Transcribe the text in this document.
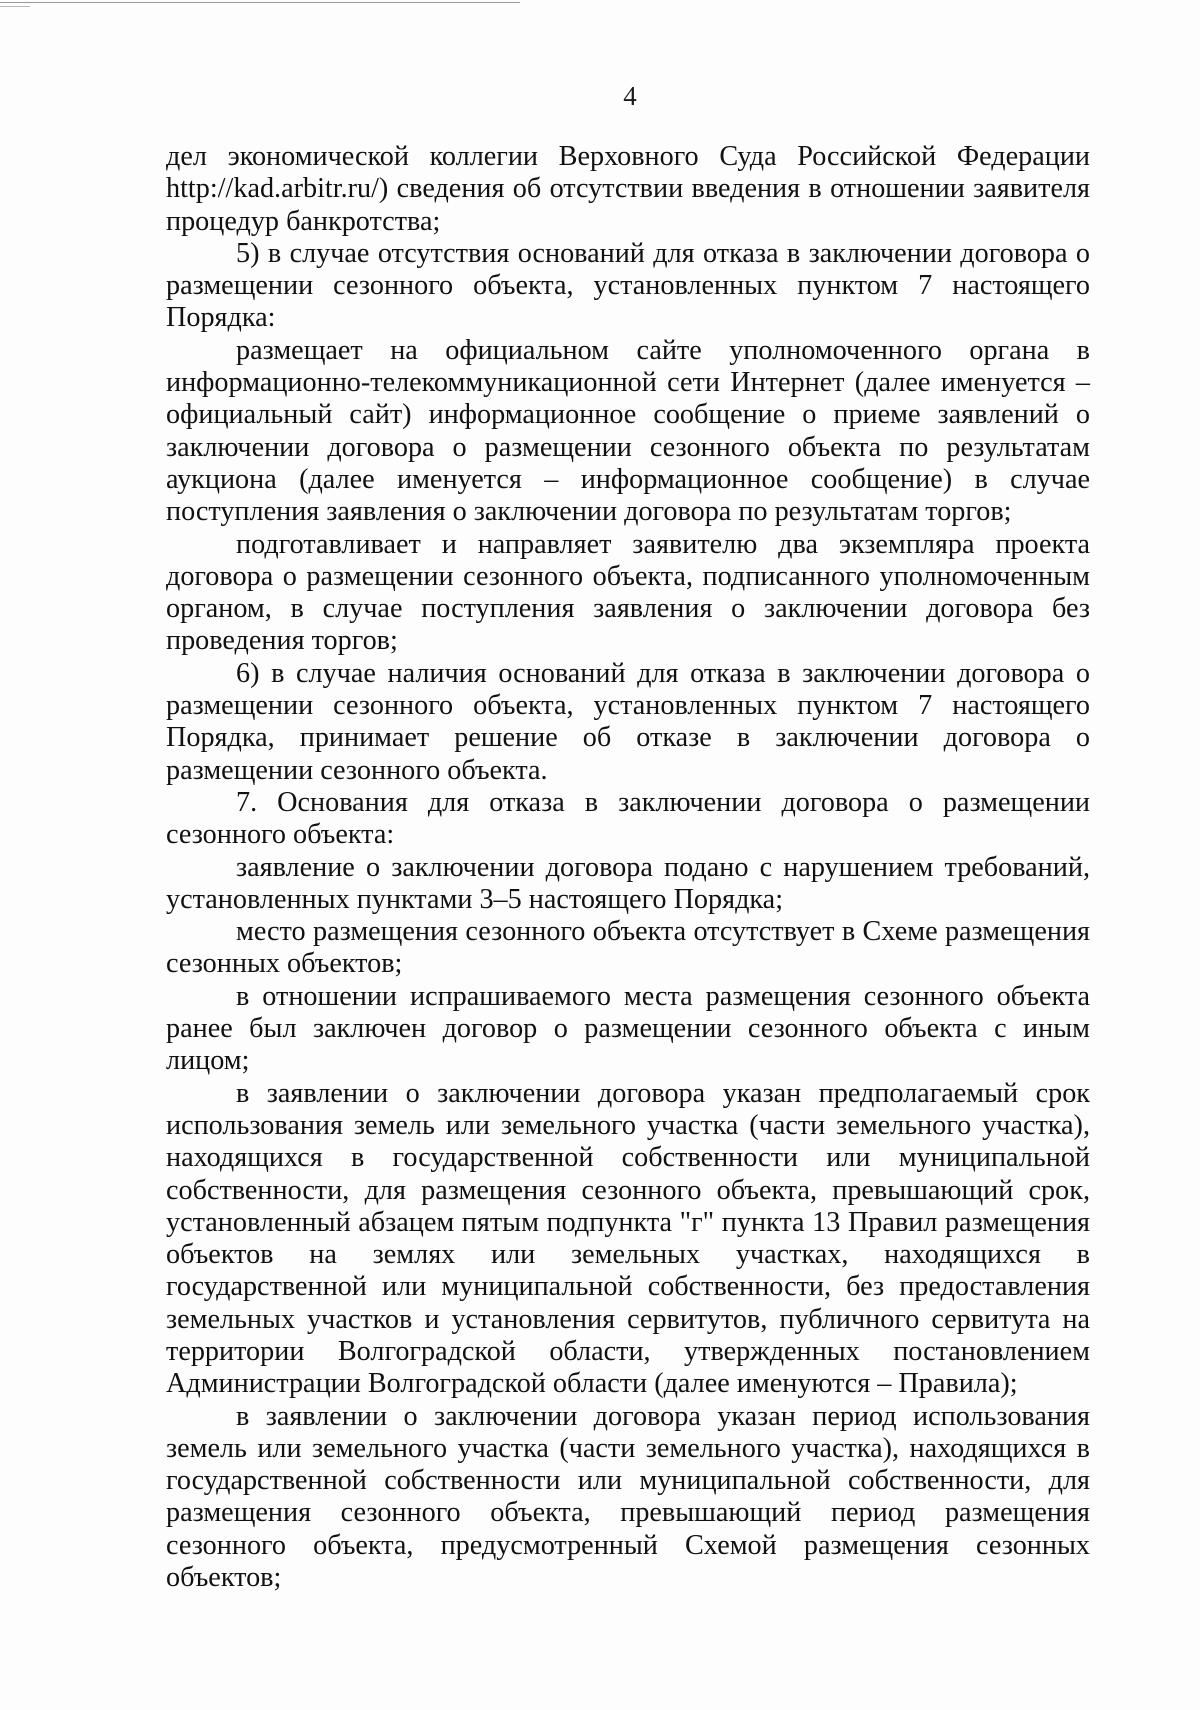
4

дел экономической коллегии Верховного Суда Российской Федерации http://kad.arbitr.ru/) сведения об отсутствии введения в отношении заявителя процедур банкротства;

5) в случае отсутствия оснований для отказа в заключении договора о размещении сезонного объекта, установленных пунктом 7 настоящего Порядка:

размещает на официальном сайте уполномоченного органа в информационно-телекоммуникационной сети Интернет (далее именуется – официальный сайт) информационное сообщение о приеме заявлений о заключении договора о размещении сезонного объекта по результатам аукциона (далее именуется – информационное сообщение) в случае поступления заявления о заключении договора по результатам торгов;

подготавливает и направляет заявителю два экземпляра проекта договора о размещении сезонного объекта, подписанного уполномоченным органом, в случае поступления заявления о заключении договора без проведения торгов;

6) в случае наличия оснований для отказа в заключении договора о размещении сезонного объекта, установленных пунктом 7 настоящего Порядка, принимает решение об отказе в заключении договора о размещении сезонного объекта.

7. Основания для отказа в заключении договора о размещении сезонного объекта:

заявление о заключении договора подано с нарушением требований, установленных пунктами 3–5 настоящего Порядка;

место размещения сезонного объекта отсутствует в Схеме размещения сезонных объектов;

в отношении испрашиваемого места размещения сезонного объекта ранее был заключен договор о размещении сезонного объекта с иным лицом;

в заявлении о заключении договора указан предполагаемый срок использования земель или земельного участка (части земельного участка), находящихся в государственной собственности или муниципальной собственности, для размещения сезонного объекта, превышающий срок, установленный абзацем пятым подпункта "г" пункта 13 Правил размещения объектов на землях или земельных участках, находящихся в государственной или муниципальной собственности, без предоставления земельных участков и установления сервитутов, публичного сервитута на территории Волгоградской области, утвержденных постановлением Администрации Волгоградской области (далее именуются – Правила);

в заявлении о заключении договора указан период использования земель или земельного участка (части земельного участка), находящихся в государственной собственности или муниципальной собственности, для размещения сезонного объекта, превышающий период размещения сезонного объекта, предусмотренный Схемой размещения сезонных объектов;
